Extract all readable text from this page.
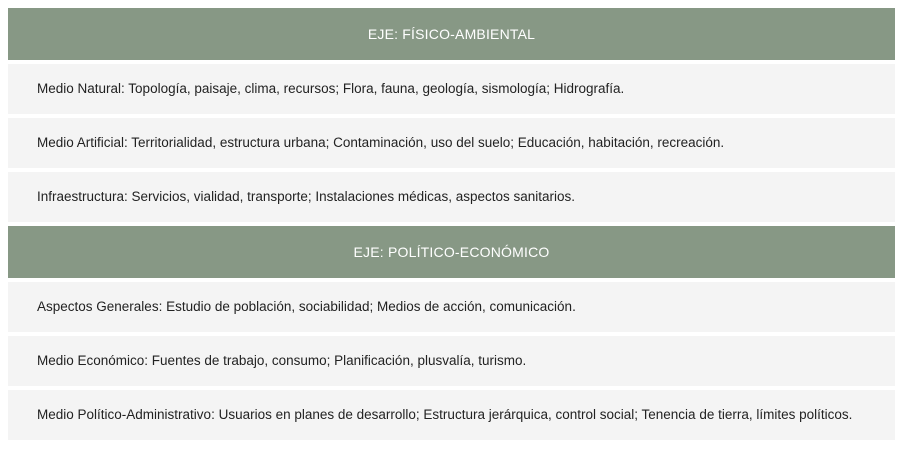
EJE: FÍSICO-AMBIENTAL
Medio Natural: Topología, paisaje, clima, recursos; Flora, fauna, geología, sismología; Hidrografía.
Medio Artificial: Territorialidad, estructura urbana; Contaminación, uso del suelo; Educación, habitación, recreación.
Infraestructura: Servicios, vialidad, transporte; Instalaciones médicas, aspectos sanitarios.
EJE: POLÍTICO-ECONÓMICO
Aspectos Generales: Estudio de población, sociabilidad; Medios de acción, comunicación.
Medio Económico: Fuentes de trabajo, consumo; Planificación, plusvalía, turismo.
Medio Político-Administrativo: Usuarios en planes de desarrollo; Estructura jerárquica, control social; Tenencia de tierra, límites políticos.
